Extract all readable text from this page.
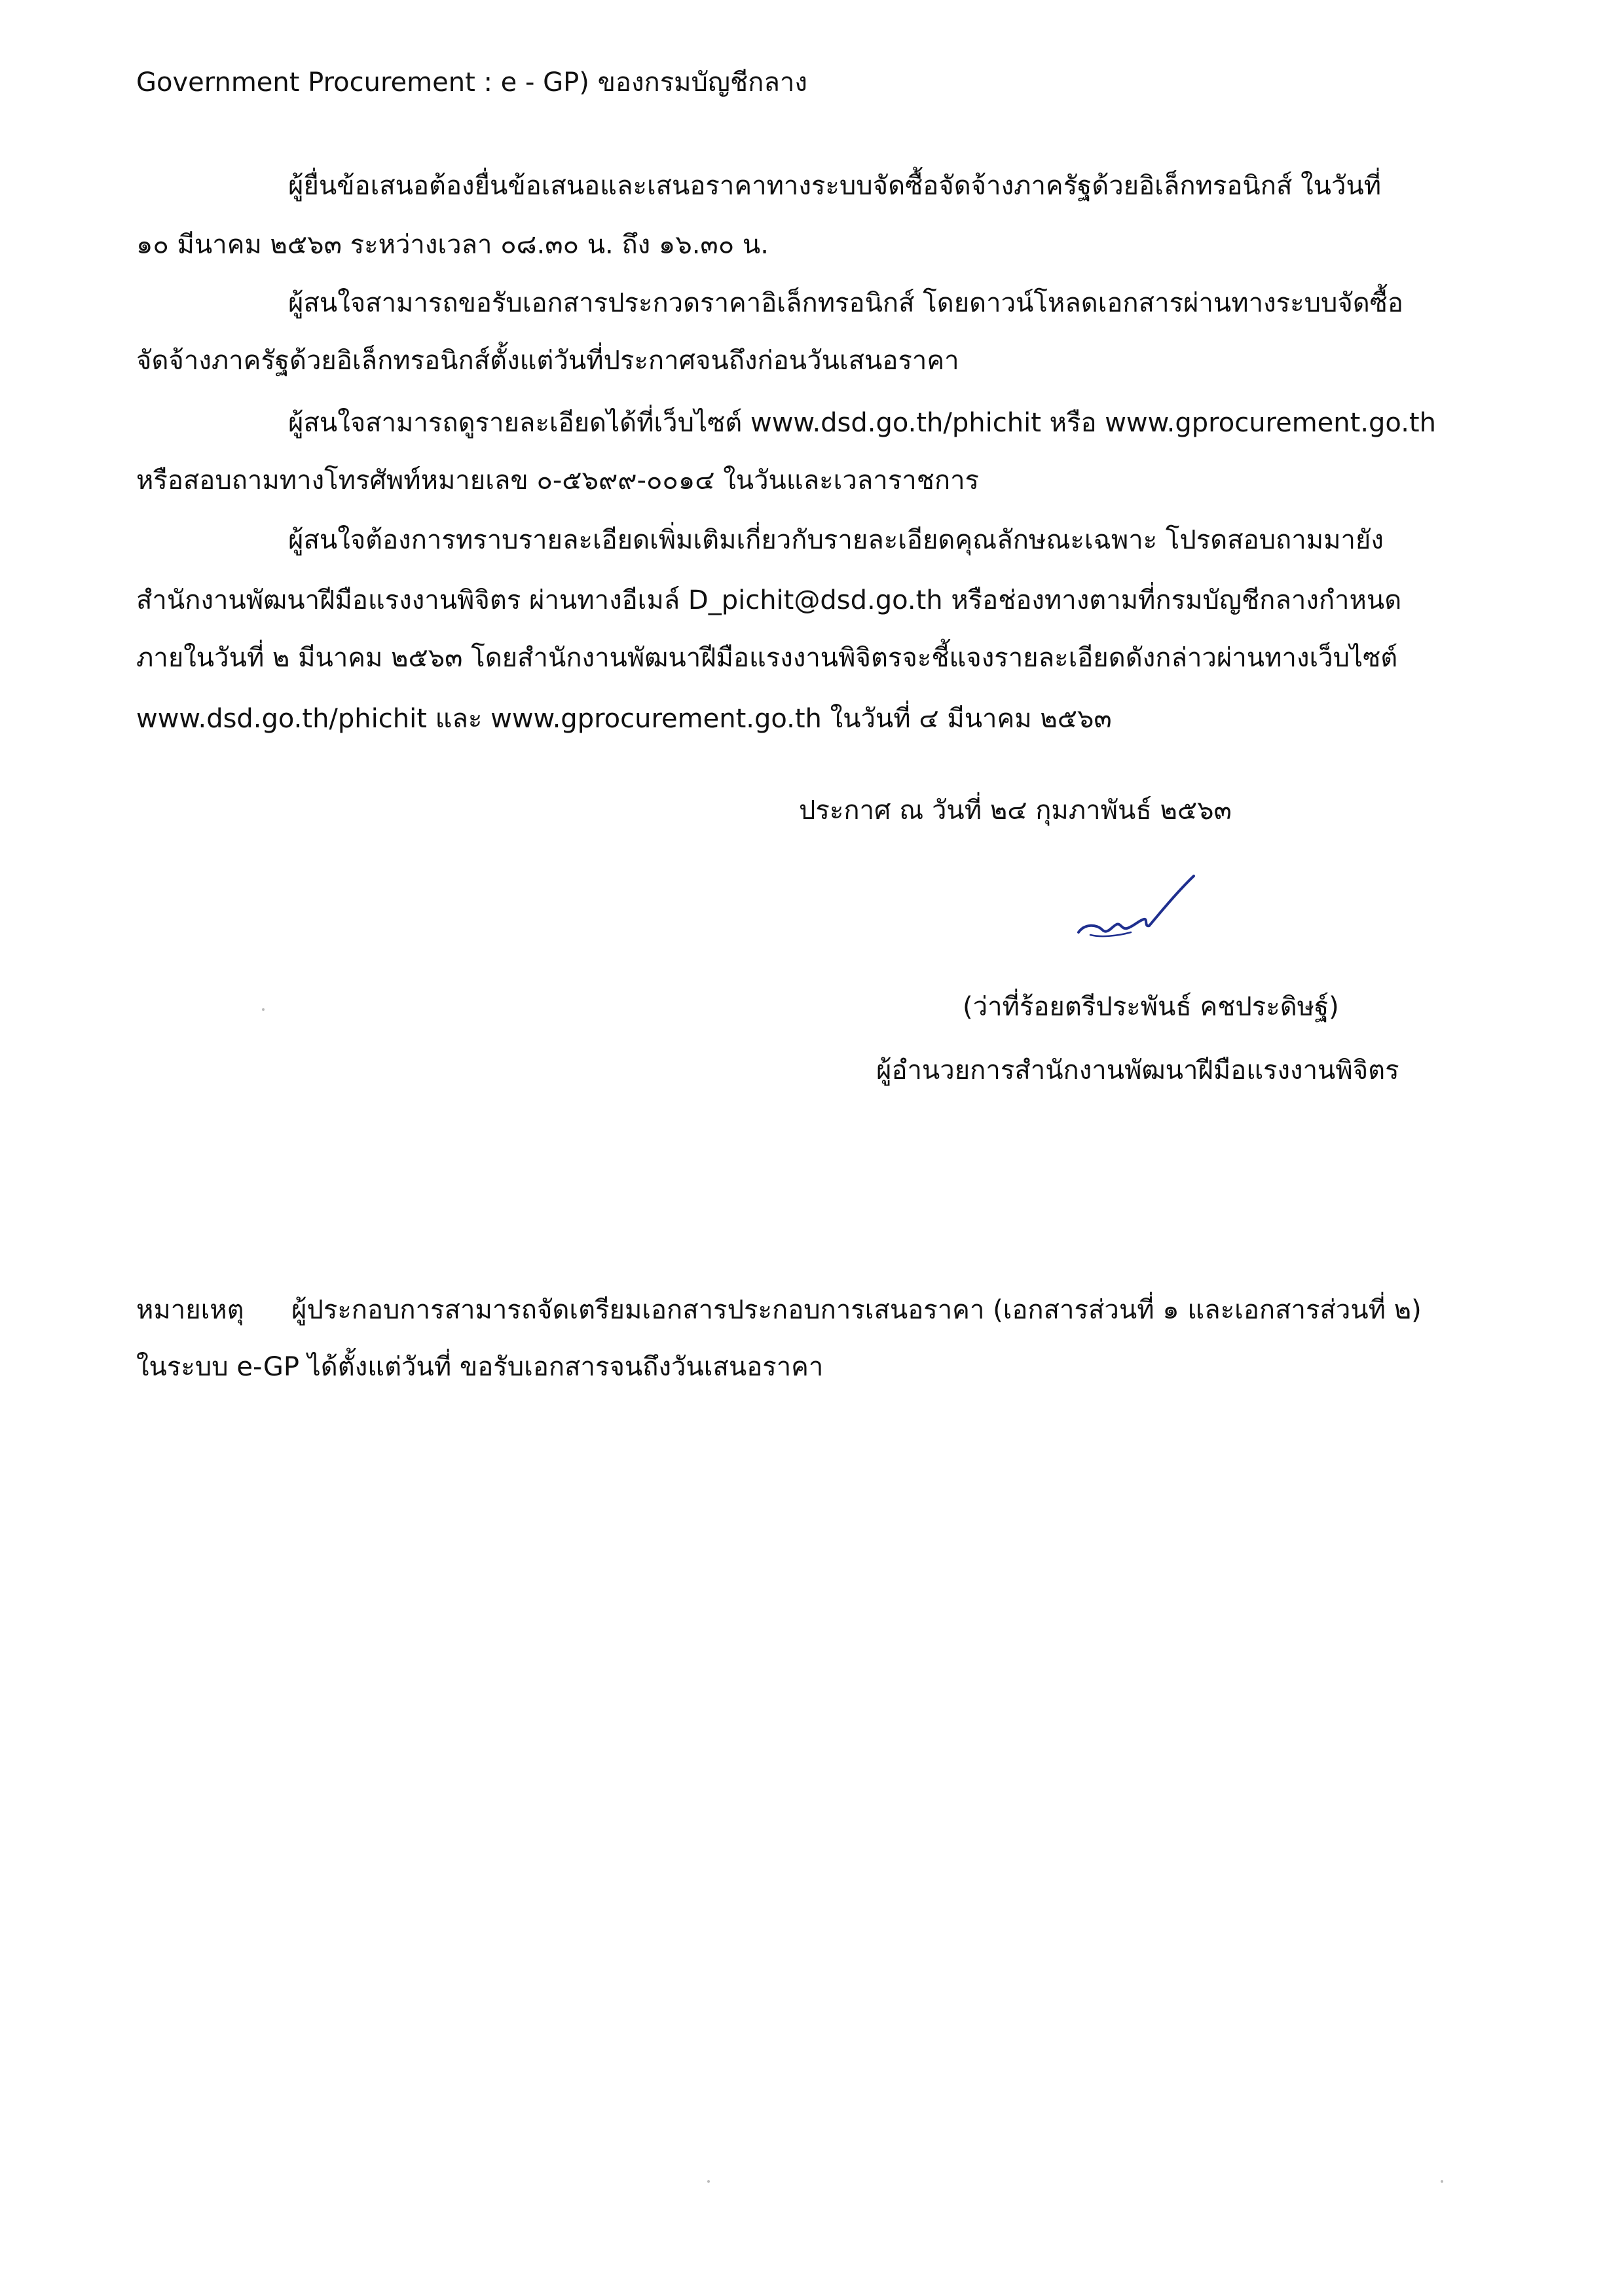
Government Procurement : e - GP) ของกรมบัญชีกลาง
ผู้ยื่นข้อเสนอต้องยื่นข้อเสนอและเสนอราคาทางระบบจัดซื้อจัดจ้างภาครัฐด้วยอิเล็กทรอนิกส์ ในวันที่
๑๐ มีนาคม ๒๕๖๓ ระหว่างเวลา ๐๘.๓๐ น. ถึง ๑๖.๓๐ น.
ผู้สนใจสามารถขอรับเอกสารประกวดราคาอิเล็กทรอนิกส์ โดยดาวน์โหลดเอกสารผ่านทางระบบจัดซื้อ
จัดจ้างภาครัฐด้วยอิเล็กทรอนิกส์ตั้งแต่วันที่ประกาศจนถึงก่อนวันเสนอราคา
ผู้สนใจสามารถดูรายละเอียดได้ที่เว็บไซต์ www.dsd.go.th/phichit หรือ www.gprocurement.go.th
หรือสอบถามทางโทรศัพท์หมายเลข ๐-๕๖๙๙-๐๐๑๔ ในวันและเวลาราชการ
ผู้สนใจต้องการทราบรายละเอียดเพิ่มเติมเกี่ยวกับรายละเอียดคุณลักษณะเฉพาะ โปรดสอบถามมายัง
สำนักงานพัฒนาฝีมือแรงงานพิจิตร ผ่านทางอีเมล์ D_pichit@dsd.go.th หรือช่องทางตามที่กรมบัญชีกลางกำหนด
ภายในวันที่ ๒ มีนาคม ๒๕๖๓ โดยสำนักงานพัฒนาฝีมือแรงงานพิจิตรจะชี้แจงรายละเอียดดังกล่าวผ่านทางเว็บไซต์
www.dsd.go.th/phichit และ www.gprocurement.go.th ในวันที่ ๔ มีนาคม ๒๕๖๓
ประกาศ ณ วันที่ ๒๔ กุมภาพันธ์ ๒๕๖๓
(ว่าที่ร้อยตรีประพันธ์ คชประดิษฐ์)
ผู้อำนวยการสำนักงานพัฒนาฝีมือแรงงานพิจิตร
หมายเหตุ ผู้ประกอบการสามารถจัดเตรียมเอกสารประกอบการเสนอราคา (เอกสารส่วนที่ ๑ และเอกสารส่วนที่ ๒)
ในระบบ e-GP ได้ตั้งแต่วันที่ ขอรับเอกสารจนถึงวันเสนอราคา
